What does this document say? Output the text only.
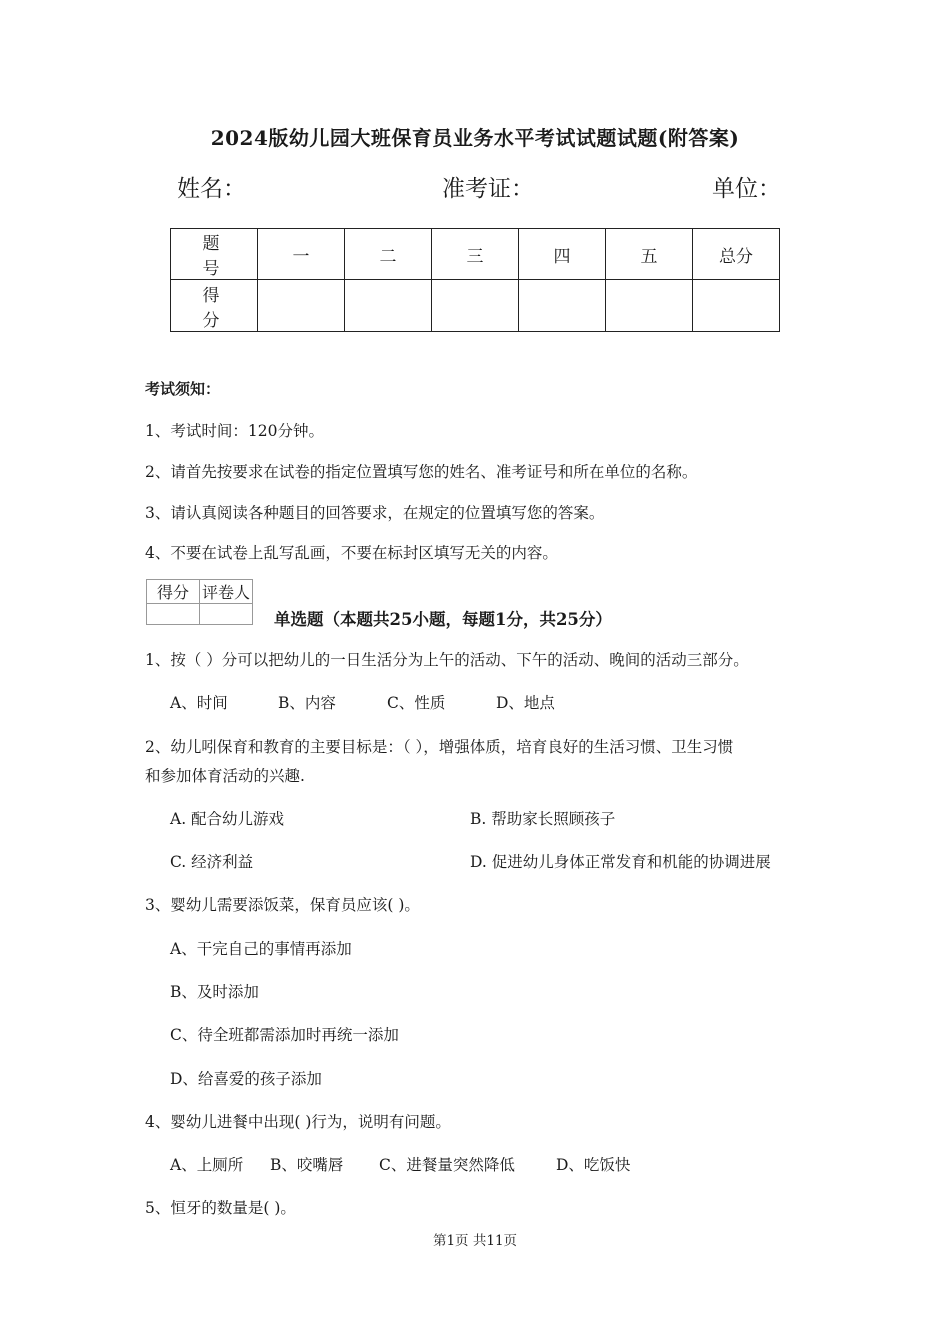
2024版幼儿园大班保育员业务水平考试试题试题(附答案)
姓名：	准考证：	单位：
题 号	一	二	三	四	五	总分
得 分						
考试须知：
1、考试时间：120分钟。
2、请首先按要求在试卷的指定位置填写您的姓名、准考证号和所在单位的名称。
3、请认真阅读各种题目的回答要求，在规定的位置填写您的答案。
4、不要在试卷上乱写乱画，不要在标封区填写无关的内容。
得分	评卷人

单选题（本题共25小题，每题1分，共25分）
1、按（ ）分可以把幼儿的一日生活分为上午的活动、下午的活动、晚间的活动三部分。
A、时间	B、内容	C、性质	D、地点
2、幼儿吲保育和教育的主要目标是：（ ），增强体质，培育良好的生活习惯、卫生习惯
和参加体育活动的兴趣.
A. 配合幼儿游戏	B. 帮助家长照顾孩子
C. 经济利益	D. 促进幼儿身体正常发育和机能的协调进展
3、婴幼儿需要添饭菜，保育员应该( )。
A、干完自己的事情再添加
B、及时添加
C、待全班都需添加时再统一添加
D、给喜爱的孩子添加
4、婴幼儿进餐中出现( )行为，说明有问题。
A、上厕所 B、咬嘴唇 C、进餐量突然降低	D、吃饭快
5、恒牙的数量是( )。
第1页 共11页
